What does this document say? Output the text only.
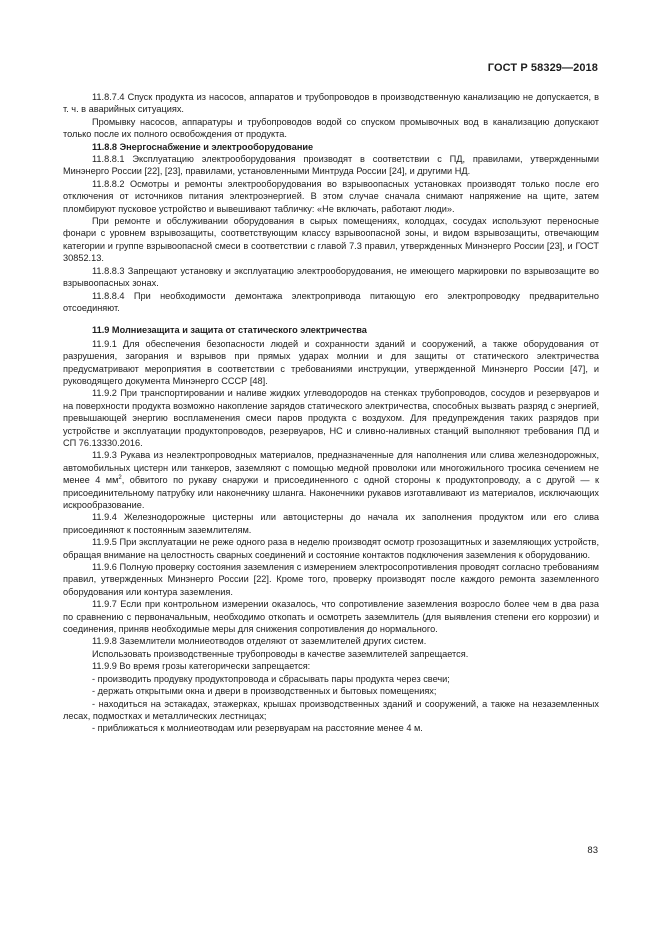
ГОСТ Р 58329—2018

11.8.7.4 Спуск продукта из насосов, аппаратов и трубопроводов в производственную канализацию не допускается, в т. ч. в аварийных ситуациях.

Промывку насосов, аппаратуры и трубопроводов водой со спуском промывочных вод в канализацию допускают только после их полного освобождения от продукта.

11.8.8 Энергоснабжение и электрооборудование

11.8.8.1 Эксплуатацию электрооборудования производят в соответствии с ПД, правилами, утвержденными Минэнерго России [22], [23], правилами, установленными Минтруда России [24], и другими НД.

11.8.8.2 Осмотры и ремонты электрооборудования во взрывоопасных установках производят только после его отключения от источников питания электроэнергией. В этом случае сначала снимают напряжение на щите, затем пломбируют пусковое устройство и вывешивают табличку: «Не включать, работают люди».

При ремонте и обслуживании оборудования в сырых помещениях, колодцах, сосудах используют переносные фонари с уровнем взрывозащиты, соответствующим классу взрывоопасной зоны, и видом взрывозащиты, отвечающим категории и группе взрывоопасной смеси в соответствии с главой 7.3 правил, утвержденных Минэнерго России [23], и ГОСТ 30852.13.

11.8.8.3 Запрещают установку и эксплуатацию электрооборудования, не имеющего маркировки по взрывозащите во взрывоопасных зонах.

11.8.8.4 При необходимости демонтажа электропривода питающую его электропроводку предварительно отсоединяют.

11.9 Молниезащита и защита от статического электричества

11.9.1 Для обеспечения безопасности людей и сохранности зданий и сооружений, а также оборудования от разрушения, загорания и взрывов при прямых ударах молнии и для защиты от статического электричества предусматривают мероприятия в соответствии с требованиями инструкции, утвержденной Минэнерго России [47], и руководящего документа Минэнерго СССР [48].

11.9.2 При транспортировании и наливе жидких углеводородов на стенках трубопроводов, сосудов и резервуаров и на поверхности продукта возможно накопление зарядов статического электричества, способных вызвать разряд с энергией, превышающей энергию воспламенения смеси паров продукта с воздухом. Для предупреждения таких разрядов при устройстве и эксплуатации продуктопроводов, резервуаров, НС и сливно-наливных станций выполняют требования ПД и СП 76.13330.2016.

11.9.3 Рукава из неэлектропроводных материалов, предназначенные для наполнения или слива железнодорожных, автомобильных цистерн или танкеров, заземляют с помощью медной проволоки или многожильного тросика сечением не менее 4 $мм^2$, обвитого по рукаву снаружи и присоединенного с одной стороны к продуктопроводу, а с другой — к присоединительному патрубку или наконечнику шланга. Наконечники рукавов изготавливают из материалов, исключающих искрообразование.

11.9.4 Железнодорожные цистерны или автоцистерны до начала их заполнения продуктом или его слива присоединяют к постоянным заземлителям.

11.9.5 При эксплуатации не реже одного раза в неделю производят осмотр грозозащитных и заземляющих устройств, обращая внимание на целостность сварных соединений и состояние контактов подключения заземления к оборудованию.

11.9.6 Полную проверку состояния заземления с измерением электросопротивления проводят согласно требованиям правил, утвержденных Минэнерго России [22]. Кроме того, проверку производят после каждого ремонта заземленного оборудования или контура заземления.

11.9.7 Если при контрольном измерении оказалось, что сопротивление заземления возросло более чем в два раза по сравнению с первоначальным, необходимо откопать и осмотреть заземлитель (для выявления степени его коррозии) и соединения, приняв необходимые меры для снижения сопротивления до нормального.

11.9.8 Заземлители молниеотводов отделяют от заземлителей других систем.

Использовать производственные трубопроводы в качестве заземлителей запрещается.

11.9.9 Во время грозы категорически запрещается:

- производить продувку продуктопровода и сбрасывать пары продукта через свечи;

- держать открытыми окна и двери в производственных и бытовых помещениях;

- находиться на эстакадах, этажерках, крышах производственных зданий и сооружений, а также на незаземленных лесах, подмостках и металлических лестницах;

- приближаться к молниеотводам или резервуарам на расстояние менее 4 м.

83
